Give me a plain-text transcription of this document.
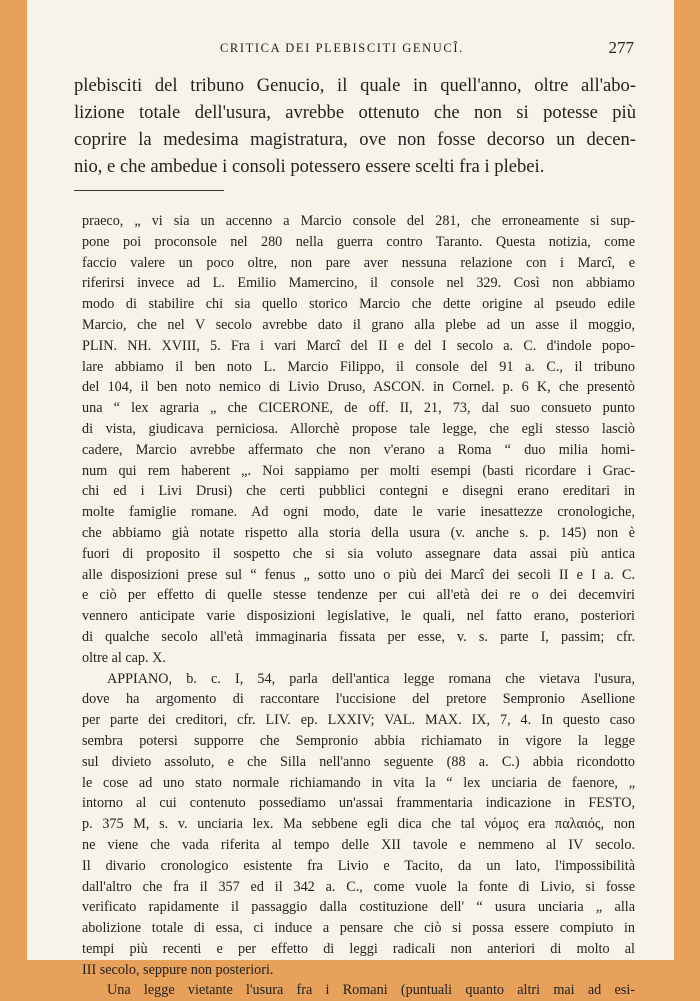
CRITICA DEI PLEBISCITI GENUCÎ.	277
plebisciti del tribuno Genucio, il quale in quell'anno, oltre all'abo-
lizione totale dell'usura, avrebbe ottenuto che non si potesse più
coprire la medesima magistratura, ove non fosse decorso un decen-
nio, e che ambedue i consoli potessero essere scelti fra i plebei.
praeco, „ vi sia un accenno a Marcio console del 281, che erroneamente si sup-
pone poi proconsole nel 280 nella guerra contro Taranto. Questa notizia, come
faccio valere un poco oltre, non pare aver nessuna relazione con i Marcî, e
riferirsi invece ad L. Emilio Mamercino, il console nel 329. Così non abbiamo
modo di stabilire chi sia quello storico Marcio che dette origine al pseudo edile
Marcio, che nel V secolo avrebbe dato il grano alla plebe ad un asse il moggio,
PLIN. NH. XVIII, 5. Fra i vari Marcî del II e del I secolo a. C. d'indole popo-
lare abbiamo il ben noto L. Marcio Filippo, il console del 91 a. C., il tribuno
del 104, il ben noto nemico di Livio Druso, ASCON. in Cornel. p. 6 K, che presentò
una “ lex agraria „ che CICERONE, de off. II, 21, 73, dal suo consueto punto
di vista, giudicava perniciosa. Allorchè propose tale legge, che egli stesso lasciò
cadere, Marcio avrebbe affermato che non v'erano a Roma “ duo milia homi-
num qui rem haberent „. Noi sappiamo per molti esempi (basti ricordare i Grac-
chi ed i Livi Drusi) che certi pubblici contegni e disegni erano ereditari in
molte famiglie romane. Ad ogni modo, date le varie inesattezze cronologiche,
che abbiamo già notate rispetto alla storia della usura (v. anche s. p. 145) non è
fuori di proposito il sospetto che si sia voluto assegnare data assai più antica
alle disposizioni prese sul “ fenus „ sotto uno o più dei Marcî dei secoli II e I a. C.
e ciò per effetto di quelle stesse tendenze per cui all'età dei re o dei decemviri
vennero anticipate varie disposizioni legislative, le quali, nel fatto erano, posteriori
di qualche secolo all'età immaginaria fissata per esse, v. s. parte I, passim; cfr.
oltre al cap. X.
APPIANO, b. c. I, 54, parla dell'antica legge romana che vietava l'usura,
dove ha argomento di raccontare l'uccisione del pretore Sempronio Asellione
per parte dei creditori, cfr. LIV. ep. LXXIV; VAL. MAX. IX, 7, 4. In questo caso
sembra potersi supporre che Sempronio abbia richiamato in vigore la legge
sul divieto assoluto, e che Silla nell'anno seguente (88 a. C.) abbia ricondotto
le cose ad uno stato normale richiamando in vita la “ lex unciaria de faenore, „
intorno al cui contenuto possediamo un'assai frammentaria indicazione in FESTO,
p. 375 M, s. v. unciaria lex. Ma sebbene egli dica che tal νόμος era παλαιός, non
ne viene che vada riferita al tempo delle XII tavole e nemmeno al IV secolo.
Il divario cronologico esistente fra Livio e Tacito, da un lato, l'impossibilità
dall'altro che fra il 357 ed il 342 a. C., come vuole la fonte di Livio, si fosse
verificato rapidamente il passaggio dalla costituzione dell' “ usura unciaria „ alla
abolizione totale di essa, ci induce a pensare che ciò si possa essere compiuto in
tempi più recenti e per effetto di leggi radicali non anteriori di molto al
III secolo, seppure non posteriori.
Una legge vietante l'usura fra i Romani (puntuali quanto altri mai ad esi-
